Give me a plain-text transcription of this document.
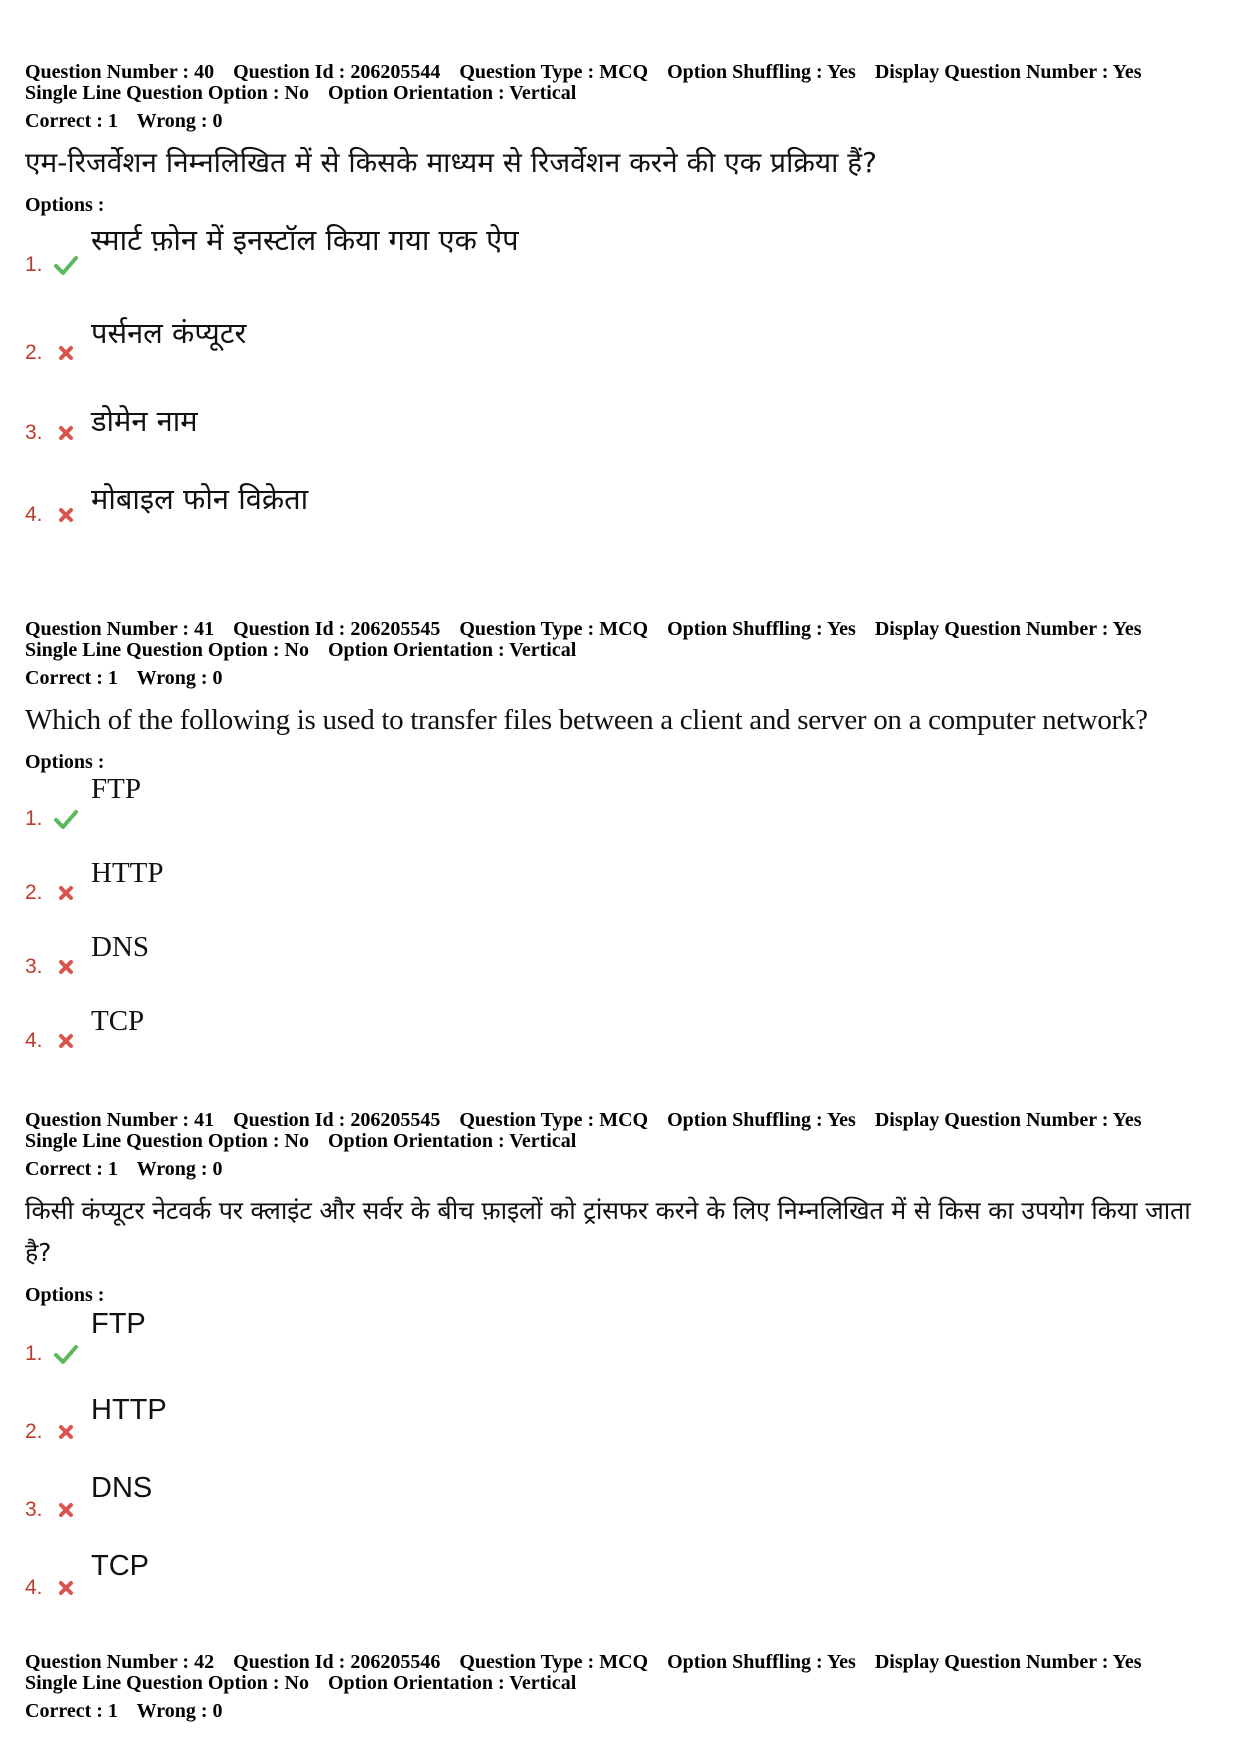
Question Number : 40 Question Id : 206205544 Question Type : MCQ Option Shuffling : Yes Display Question Number : Yes
Single Line Question Option : No Option Orientation : Vertical
Correct : 1 Wrong : 0
एम-रिजर्वेशन निम्नलिखित में से किसके माध्यम से रिजर्वेशन करने की एक प्रक्रिया हैं?
Options :
1.
स्मार्ट फ़ोन में इनस्टॉल किया गया एक ऐप
2.
पर्सनल कंप्यूटर
3. डोमेन नाम
4. मोबाइल फोन विक्रेता
Question Number : 41 Question Id : 206205545 Question Type : MCQ Option Shuffling : Yes Display Question Number : Yes
Single Line Question Option : No Option Orientation : Vertical
Correct : 1 Wrong : 0
Which of the following is used to transfer files between a client and server on a computer network?
Options :
1.
FTP
2.
HTTP
3.
DNS
4.
TCP
Question Number : 41 Question Id : 206205545 Question Type : MCQ Option Shuffling : Yes Display Question Number : Yes
Single Line Question Option : No Option Orientation : Vertical
Correct : 1 Wrong : 0
किसी कंप्यूटर नेटवर्क पर क्लाइंट और सर्वर के बीच फ़ाइलों को ट्रांसफर करने के लिए निम्नलिखित में से किस का उपयोग किया जाता है?
Options :
1.
FTP
2.
HTTP
3.
DNS
4.
TCP
Question Number : 42 Question Id : 206205546 Question Type : MCQ Option Shuffling : Yes Display Question Number : Yes
Single Line Question Option : No Option Orientation : Vertical
Correct : 1 Wrong : 0
